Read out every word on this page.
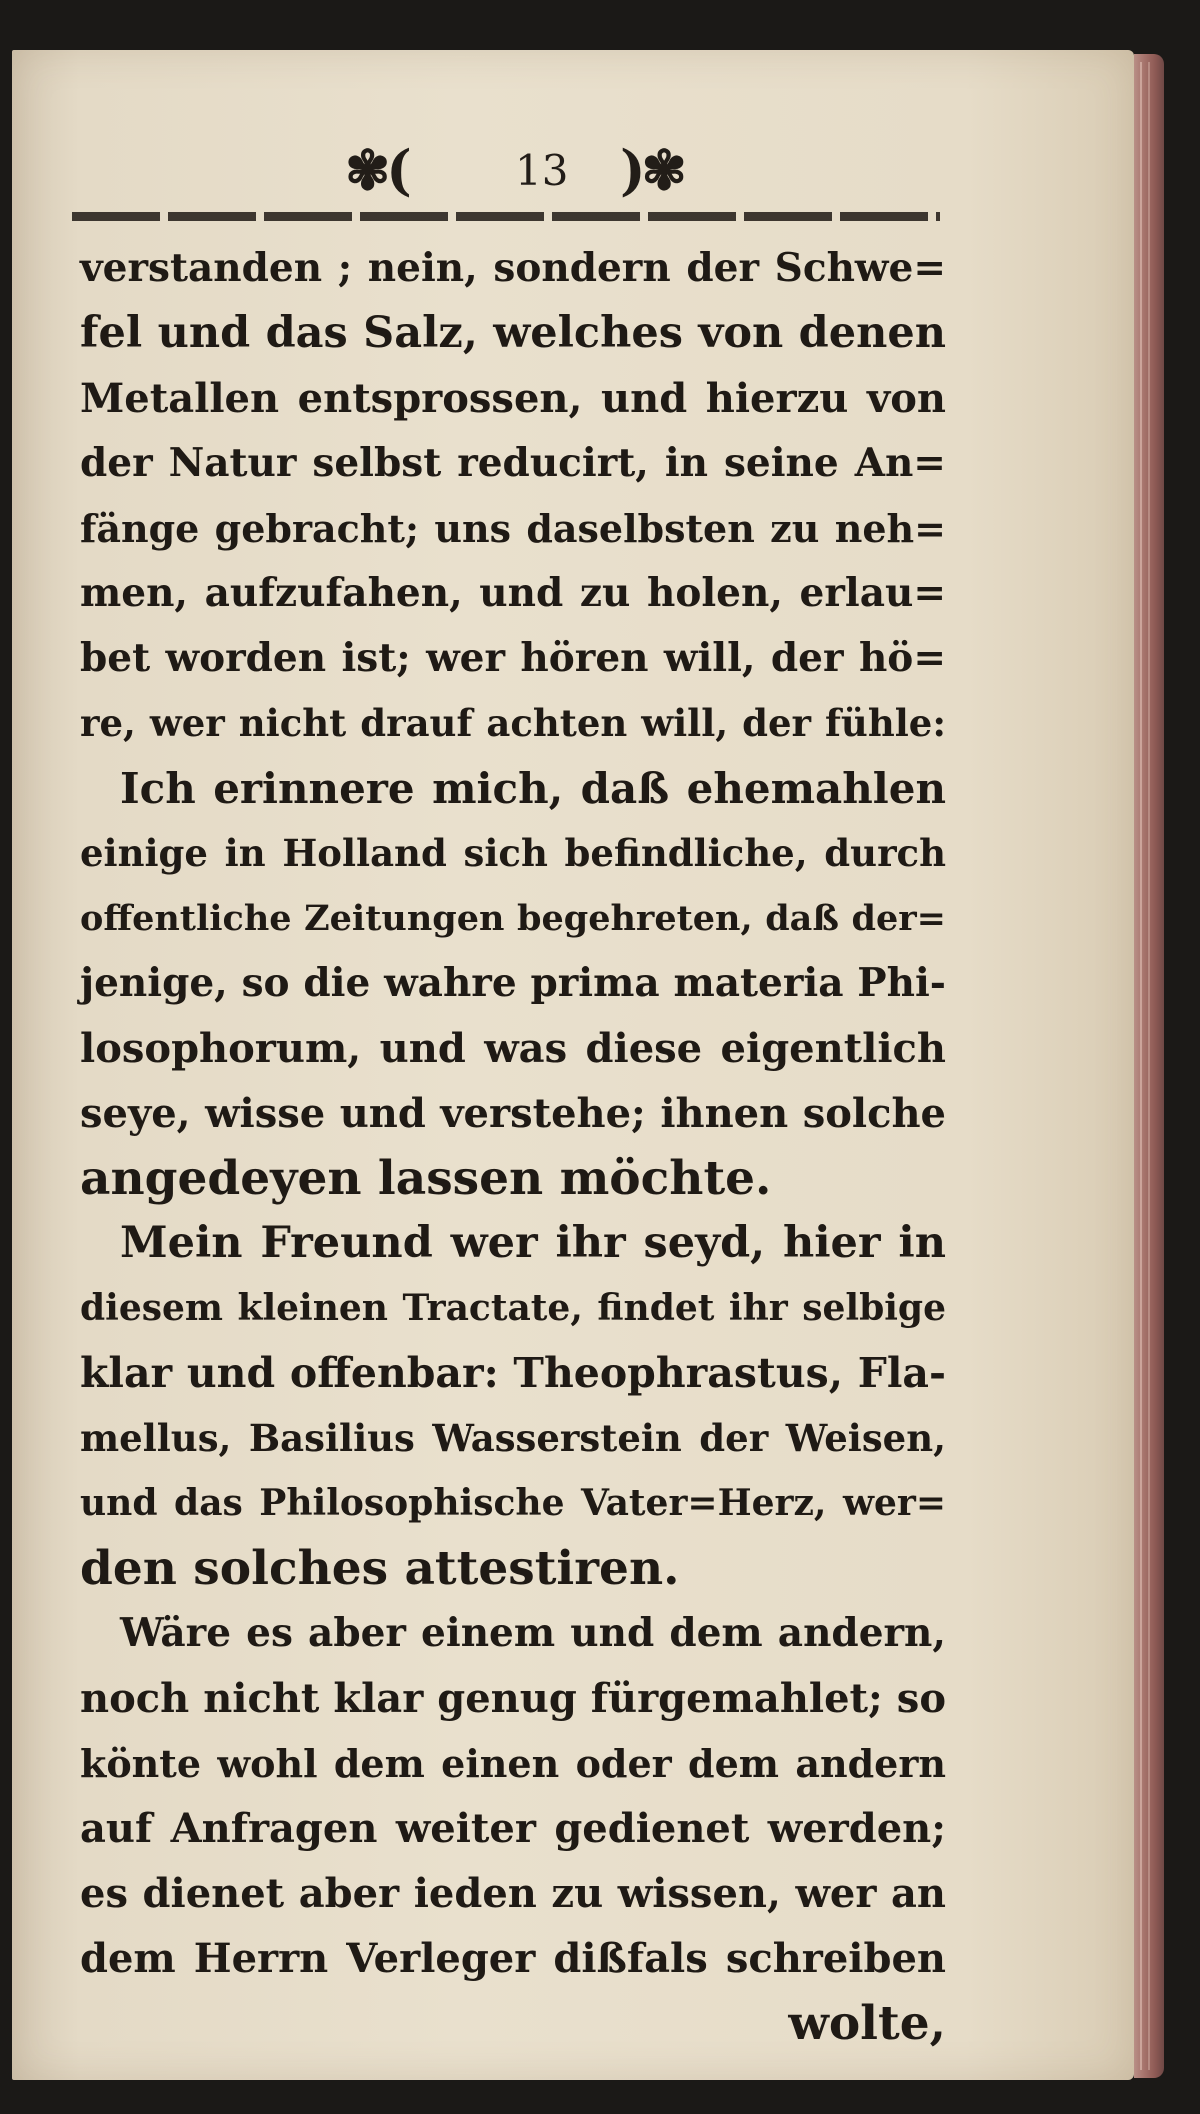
✾(	13 )✾
verstanden ; nein, sondern der Schwe=
fel und das Salz, welches von denen
Metallen entsprossen, und hierzu von
der Natur selbst reducirt, in seine An=
fänge gebracht; uns daselbsten zu neh=
men, aufzufahen, und zu holen, erlau=
bet worden ist; wer hören will, der hö=
re, wer nicht drauf achten will, der fühle:
Ich erinnere mich, daß ehemahlen
einige in Holland sich befindliche, durch
offentliche Zeitungen begehreten, daß der=
jenige, so die wahre prima materia Phi-
losophorum, und was diese eigentlich
seye, wisse und verstehe; ihnen solche
angedeyen lassen möchte.
Mein Freund wer ihr seyd, hier in
diesem kleinen Tractate, findet ihr selbige
klar und offenbar: Theophrastus, Fla-
mellus, Basilius Wasserstein der Weisen,
und das Philosophische Vater=Herz, wer=
den solches attestiren.
Wäre es aber einem und dem andern,
noch nicht klar genug fürgemahlet; so
könte wohl dem einen oder dem andern
auf Anfragen weiter gedienet werden;
es dienet aber ieden zu wissen, wer an
dem Herrn Verleger dißfals schreiben
wolte,
